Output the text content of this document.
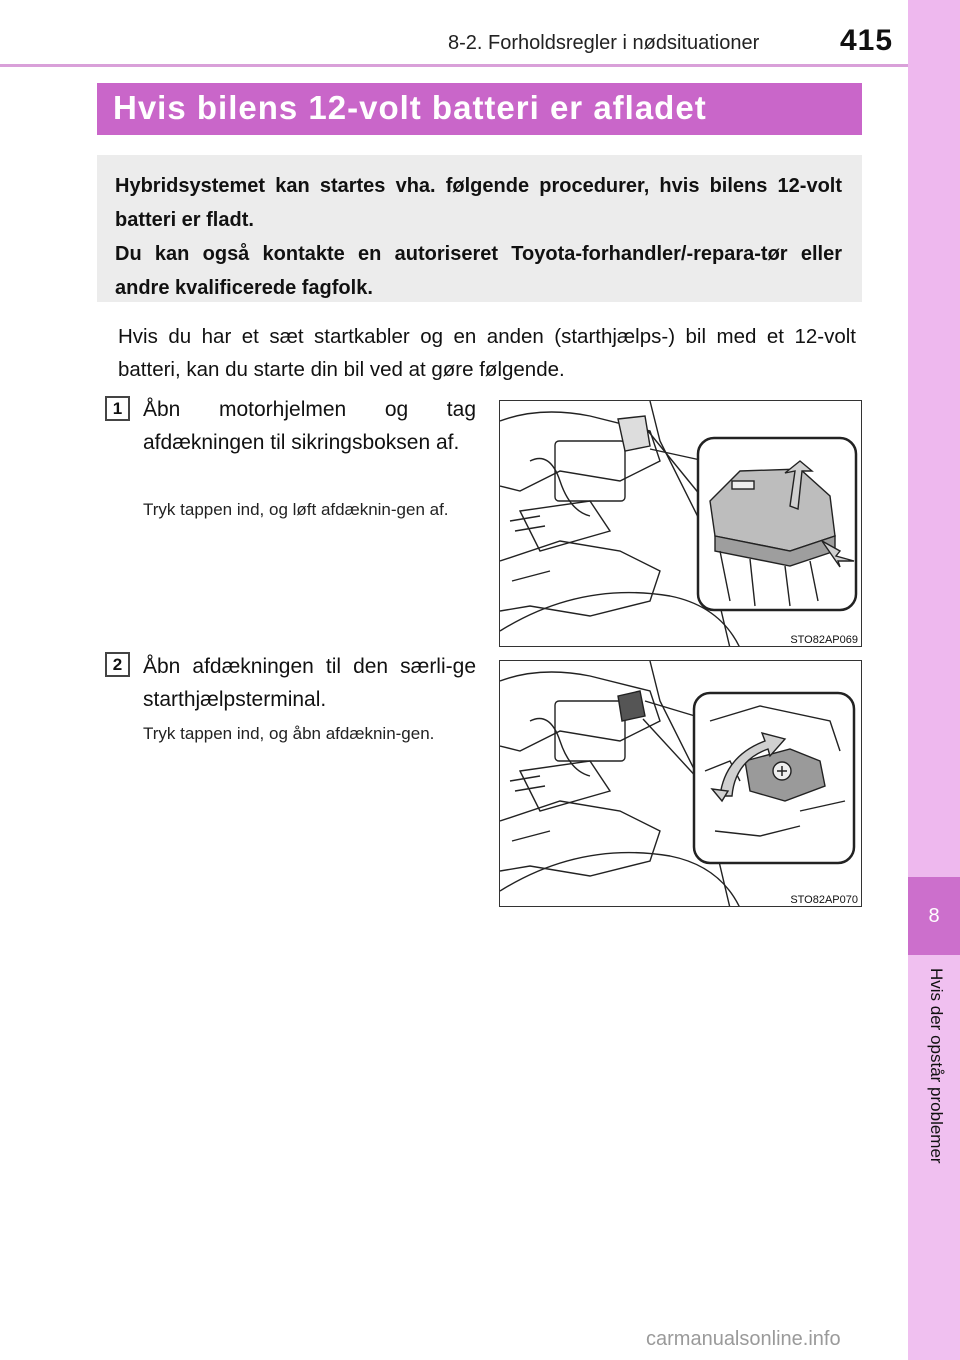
8-2. Forholdsregler i nødsituationer	415
8
Hvis der opstår problemer
Hvis bilens 12-volt batteri er afladet
Hybridsystemet kan startes vha. følgende procedurer, hvis bilens 12-volt batteri er fladt.
Du kan også kontakte en autoriseret Toyota-forhandler/-repara-tør eller andre kvalificerede fagfolk.
Hvis du har et sæt startkabler og en anden (starthjælps-) bil med et 12-volt batteri, kan du starte din bil ved at gøre følgende.
1 Åbn motorhjelmen og tag afdækningen til sikringsboksen af.
Tryk tappen ind, og løft afdæknin-gen af.
STO82AP069
2 Åbn afdækningen til den særli-ge starthjælpsterminal.
Tryk tappen ind, og åbn afdæknin-gen.
STO82AP070
carmanualsonline.info
